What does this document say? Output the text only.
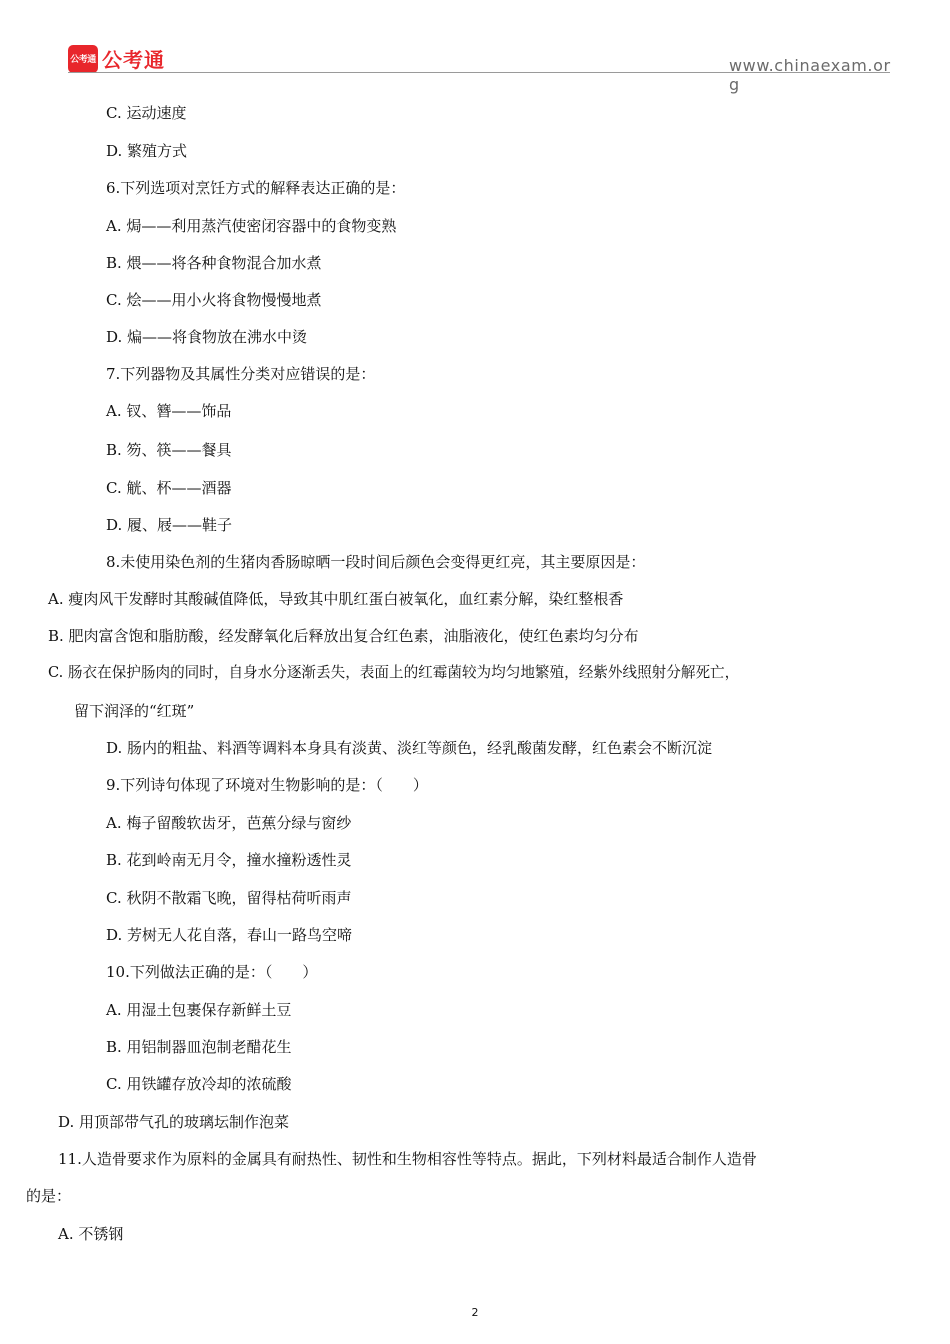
公考通 公考通	www.chinaexam.org
C. 运动速度
D. 繁殖方式
6.下列选项对烹饪方式的解释表达正确的是：
A. 焗——利用蒸汽使密闭容器中的食物变熟
B. 煨——将各种食物混合加水煮
C. 烩——用小火将食物慢慢地煮
D. 煸——将食物放在沸水中烫
7.下列器物及其属性分类对应错误的是：
A. 钗、簪——饰品
B. 笏、筷——餐具
C. 觥、杯——酒器
D. 履、屐——鞋子
8.未使用染色剂的生猪肉香肠晾晒一段时间后颜色会变得更红亮，其主要原因是：
A. 瘦肉风干发酵时其酸碱值降低，导致其中肌红蛋白被氧化，血红素分解，染红整根香
B. 肥肉富含饱和脂肪酸，经发酵氧化后释放出复合红色素，油脂液化，使红色素均匀分布
C. 肠衣在保护肠肉的同时，自身水分逐渐丢失，表面上的红霉菌较为均匀地繁殖，经紫外线照射分解死亡，
留下润泽的“红斑”
D. 肠内的粗盐、料酒等调料本身具有淡黄、淡红等颜色，经乳酸菌发酵，红色素会不断沉淀
9.下列诗句体现了环境对生物影响的是：（　　）
A. 梅子留酸软齿牙，芭蕉分绿与窗纱
B. 花到岭南无月令，撞水撞粉透性灵
C. 秋阴不散霜飞晚，留得枯荷听雨声
D. 芳树无人花自落，春山一路鸟空啼
10.下列做法正确的是：（　　）
A. 用湿土包裹保存新鲜土豆
B. 用铝制器皿泡制老醋花生
C. 用铁罐存放冷却的浓硫酸
D. 用顶部带气孔的玻璃坛制作泡菜
11.人造骨要求作为原料的金属具有耐热性、韧性和生物相容性等特点。据此，下列材料最适合制作人造骨
的是：
A. 不锈钢
2
